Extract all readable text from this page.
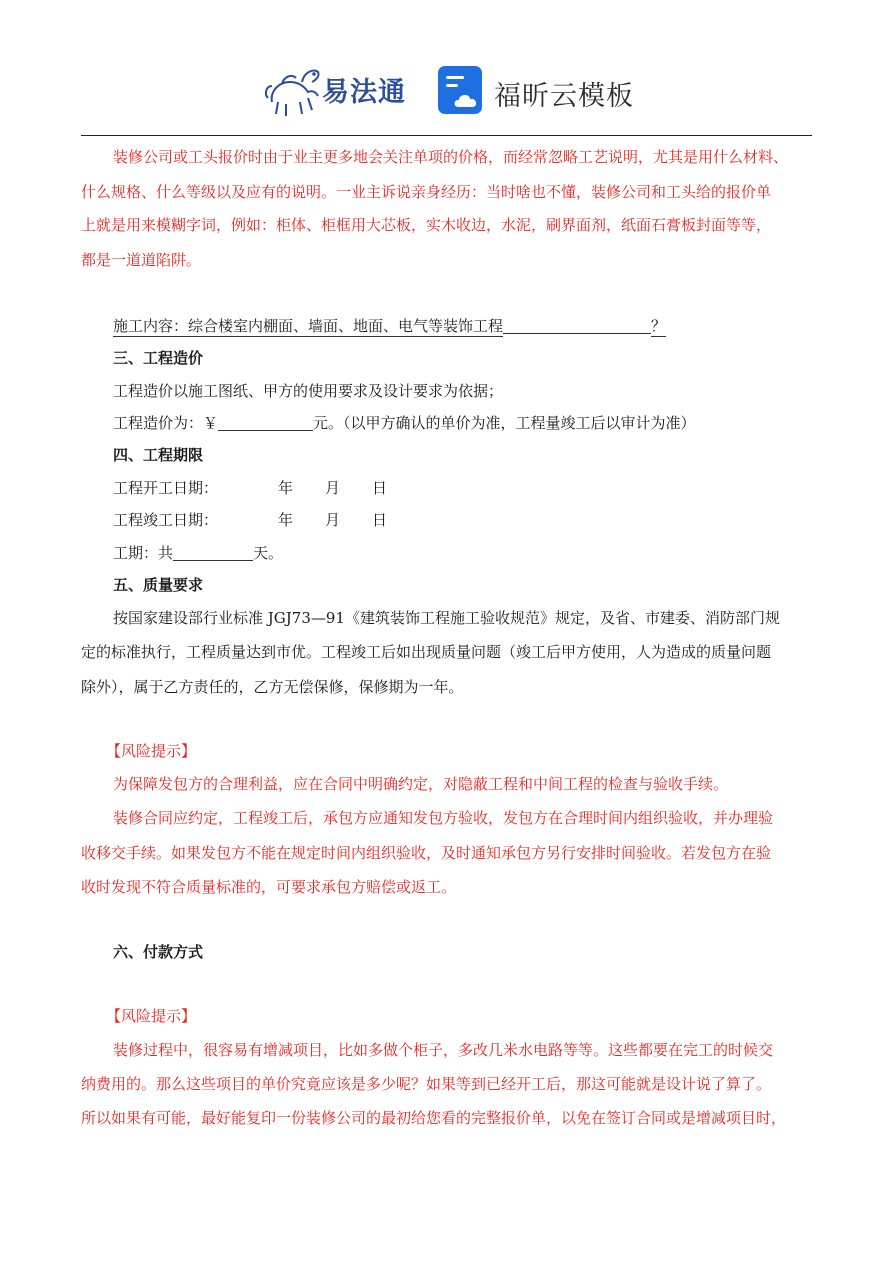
易法通	福昕云模板
装修公司或工头报价时由于业主更多地会关注单项的价格，而经常忽略工艺说明，尤其是用什么材料、
什么规格、什么等级以及应有的说明。一业主诉说亲身经历：当时啥也不懂，装修公司和工头给的报价单
上就是用来模糊字词，例如：柜体、柜框用大芯板，实木收边，水泥，刷界面剂，纸面石膏板封面等等，
都是一道道陷阱。
施工内容：综合楼室内棚面、墙面、地面、电气等装饰工程	？
三、工程造价
工程造价以施工图纸、甲方的使用要求及设计要求为依据；
工程造价为：￥	元。（以甲方确认的单价为准，工程量竣工后以审计为准）
四、工程期限
工程开工日期：	年 月 日
工程竣工日期：	年 月 日
工期：共	天。
五、质量要求
按国家建设部行业标准 JGJ73—91《建筑装饰工程施工验收规范》规定，及省、市建委、消防部门规
定的标准执行，工程质量达到市优。工程竣工后如出现质量问题（竣工后甲方使用，人为造成的质量问题
除外），属于乙方责任的，乙方无偿保修，保修期为一年。
【风险提示】
为保障发包方的合理利益，应在合同中明确约定，对隐蔽工程和中间工程的检查与验收手续。
装修合同应约定，工程竣工后，承包方应通知发包方验收，发包方在合理时间内组织验收，并办理验
收移交手续。如果发包方不能在规定时间内组织验收，及时通知承包方另行安排时间验收。若发包方在验
收时发现不符合质量标准的，可要求承包方赔偿或返工。
六、付款方式
【风险提示】
装修过程中，很容易有增减项目，比如多做个柜子，多改几米水电路等等。这些都要在完工的时候交
纳费用的。那么这些项目的单价究竟应该是多少呢？如果等到已经开工后，那这可能就是设计说了算了。
所以如果有可能，最好能复印一份装修公司的最初给您看的完整报价单，以免在签订合同或是增减项目时，
